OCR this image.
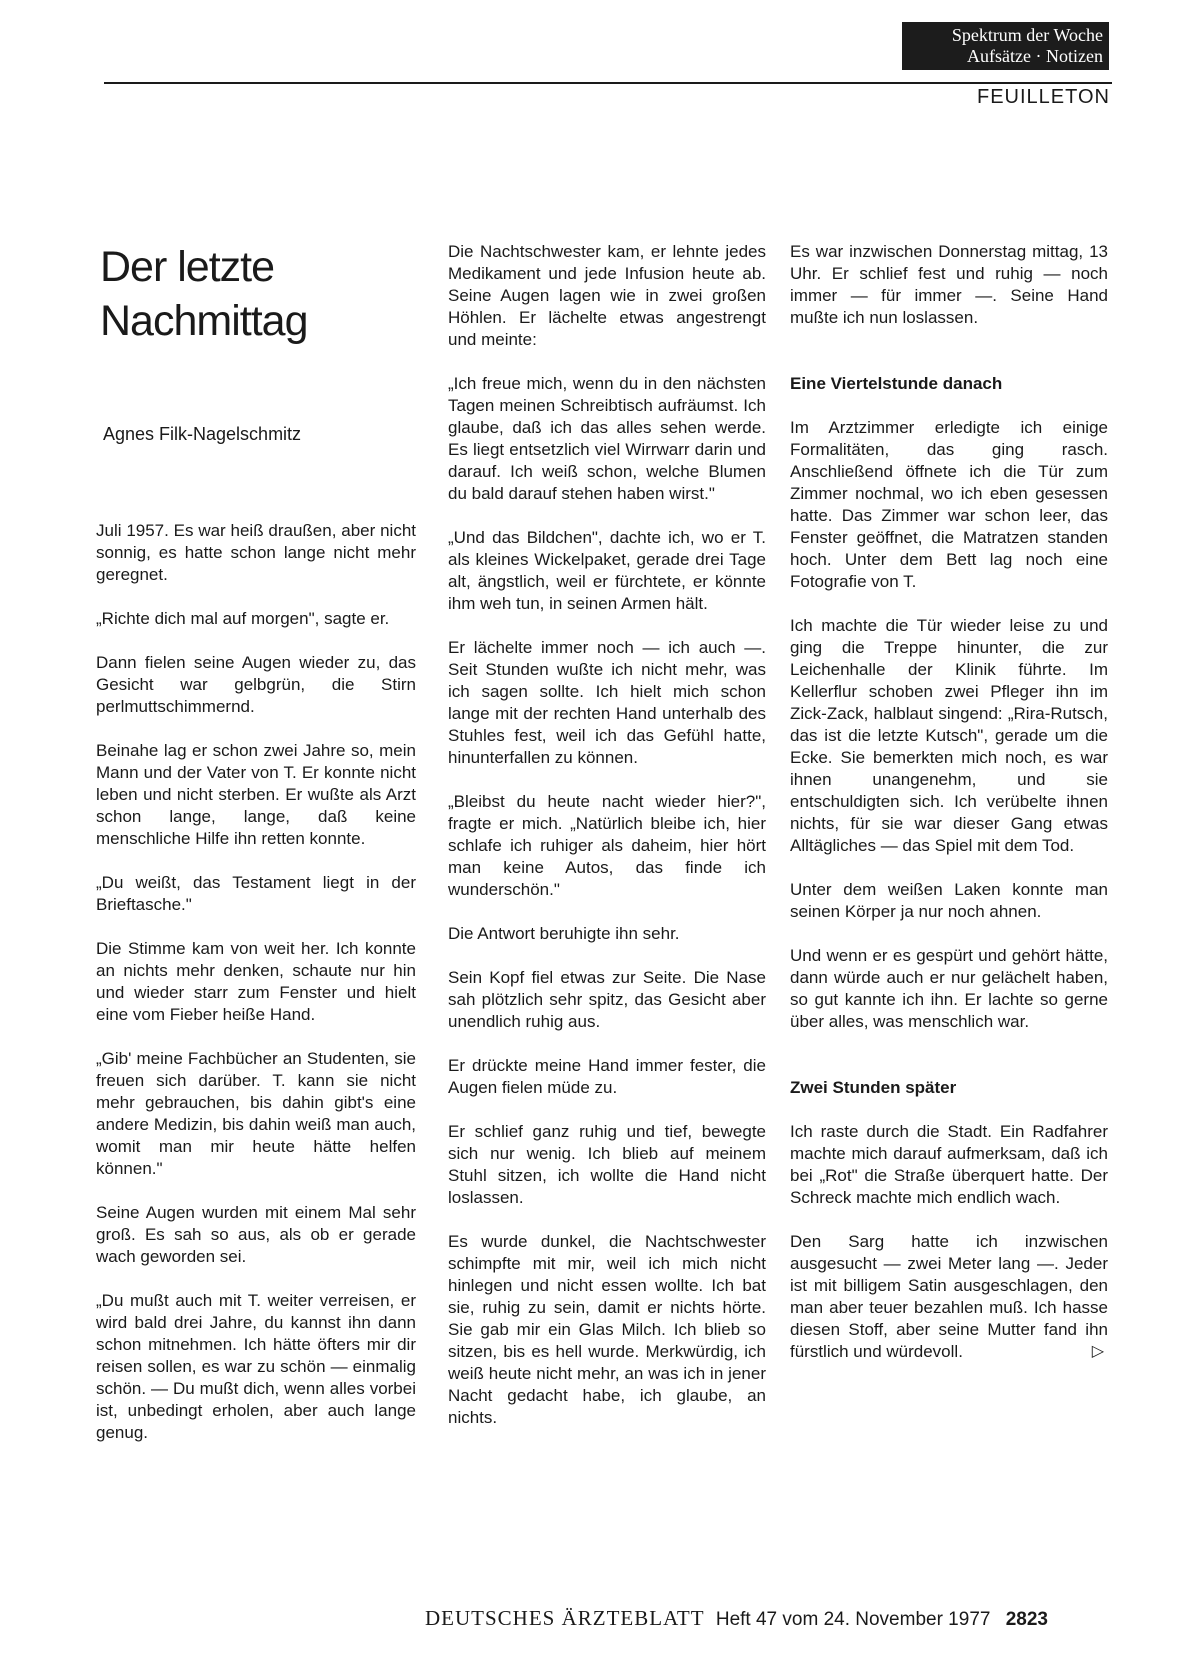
Spektrum der Woche
Aufsätze · Notizen
FEUILLETON
Der letzte
Nachmittag
Agnes Filk-Nagelschmitz

Juli 1957. Es war heiß draußen, aber nicht sonnig, es hatte schon lange nicht mehr geregnet.

„Richte dich mal auf morgen", sagte er.

Dann fielen seine Augen wieder zu, das Gesicht war gelbgrün, die Stirn perlmuttschimmernd.

Beinahe lag er schon zwei Jahre so, mein Mann und der Vater von T. Er konnte nicht leben und nicht sterben. Er wußte als Arzt schon lange, lange, daß keine menschliche Hilfe ihn retten konnte.

„Du weißt, das Testament liegt in der Brieftasche."

Die Stimme kam von weit her. Ich konnte an nichts mehr denken, schaute nur hin und wieder starr zum Fenster und hielt eine vom Fieber heiße Hand.

„Gib' meine Fachbücher an Studenten, sie freuen sich darüber. T. kann sie nicht mehr gebrauchen, bis dahin gibt's eine andere Medizin, bis dahin weiß man auch, womit man mir heute hätte helfen können."

Seine Augen wurden mit einem Mal sehr groß. Es sah so aus, als ob er gerade wach geworden sei.

„Du mußt auch mit T. weiter verreisen, er wird bald drei Jahre, du kannst ihn dann schon mitnehmen. Ich hätte öfters mir dir reisen sollen, es war zu schön — einmalig schön. — Du mußt dich, wenn alles vorbei ist, unbedingt erholen, aber auch lange genug.

Die Nachtschwester kam, er lehnte jedes Medikament und jede Infusion heute ab. Seine Augen lagen wie in zwei großen Höhlen. Er lächelte etwas angestrengt und meinte:

„Ich freue mich, wenn du in den nächsten Tagen meinen Schreibtisch aufräumst. Ich glaube, daß ich das alles sehen werde. Es liegt entsetzlich viel Wirrwarr darin und darauf. Ich weiß schon, welche Blumen du bald darauf stehen haben wirst."

„Und das Bildchen", dachte ich, wo er T. als kleines Wickelpaket, gerade drei Tage alt, ängstlich, weil er fürchtete, er könnte ihm weh tun, in seinen Armen hält.

Er lächelte immer noch — ich auch —. Seit Stunden wußte ich nicht mehr, was ich sagen sollte. Ich hielt mich schon lange mit der rechten Hand unterhalb des Stuhles fest, weil ich das Gefühl hatte, hinunterfallen zu können.

„Bleibst du heute nacht wieder hier?", fragte er mich. „Natürlich bleibe ich, hier schlafe ich ruhiger als daheim, hier hört man keine Autos, das finde ich wunderschön."

Die Antwort beruhigte ihn sehr.

Sein Kopf fiel etwas zur Seite. Die Nase sah plötzlich sehr spitz, das Gesicht aber unendlich ruhig aus.

Er drückte meine Hand immer fester, die Augen fielen müde zu.

Er schlief ganz ruhig und tief, bewegte sich nur wenig. Ich blieb auf meinem Stuhl sitzen, ich wollte die Hand nicht loslassen.

Es wurde dunkel, die Nachtschwester schimpfte mit mir, weil ich mich nicht hinlegen und nicht essen wollte. Ich bat sie, ruhig zu sein, damit er nichts hörte. Sie gab mir ein Glas Milch. Ich blieb so sitzen, bis es hell wurde. Merkwürdig, ich weiß heute nicht mehr, an was ich in jener Nacht gedacht habe, ich glaube, an nichts.

Es war inzwischen Donnerstag mittag, 13 Uhr. Er schlief fest und ruhig — noch immer — für immer —. Seine Hand mußte ich nun loslassen.

Eine Viertelstunde danach

Im Arztzimmer erledigte ich einige Formalitäten, das ging rasch. Anschließend öffnete ich die Tür zum Zimmer nochmal, wo ich eben gesessen hatte. Das Zimmer war schon leer, das Fenster geöffnet, die Matratzen standen hoch. Unter dem Bett lag noch eine Fotografie von T.

Ich machte die Tür wieder leise zu und ging die Treppe hinunter, die zur Leichenhalle der Klinik führte. Im Kellerflur schoben zwei Pfleger ihn im Zick-Zack, halblaut singend: „Rira-Rutsch, das ist die letzte Kutsch", gerade um die Ecke. Sie bemerkten mich noch, es war ihnen unangenehm, und sie entschuldigten sich. Ich verübelte ihnen nichts, für sie war dieser Gang etwas Alltägliches — das Spiel mit dem Tod.

Unter dem weißen Laken konnte man seinen Körper ja nur noch ahnen.

Und wenn er es gespürt und gehört hätte, dann würde auch er nur gelächelt haben, so gut kannte ich ihn. Er lachte so gerne über alles, was menschlich war.

Zwei Stunden später

Ich raste durch die Stadt. Ein Radfahrer machte mich darauf aufmerksam, daß ich bei „Rot" die Straße überquert hatte. Der Schreck machte mich endlich wach.

Den Sarg hatte ich inzwischen ausgesucht — zwei Meter lang —. Jeder ist mit billigem Satin ausgeschlagen, den man aber teuer bezahlen muß. Ich hasse diesen Stoff, aber seine Mutter fand ihn fürstlich und würdevoll.	▷

DEUTSCHES ÄRZTEBLATT Heft 47 vom 24. November 1977 2823
